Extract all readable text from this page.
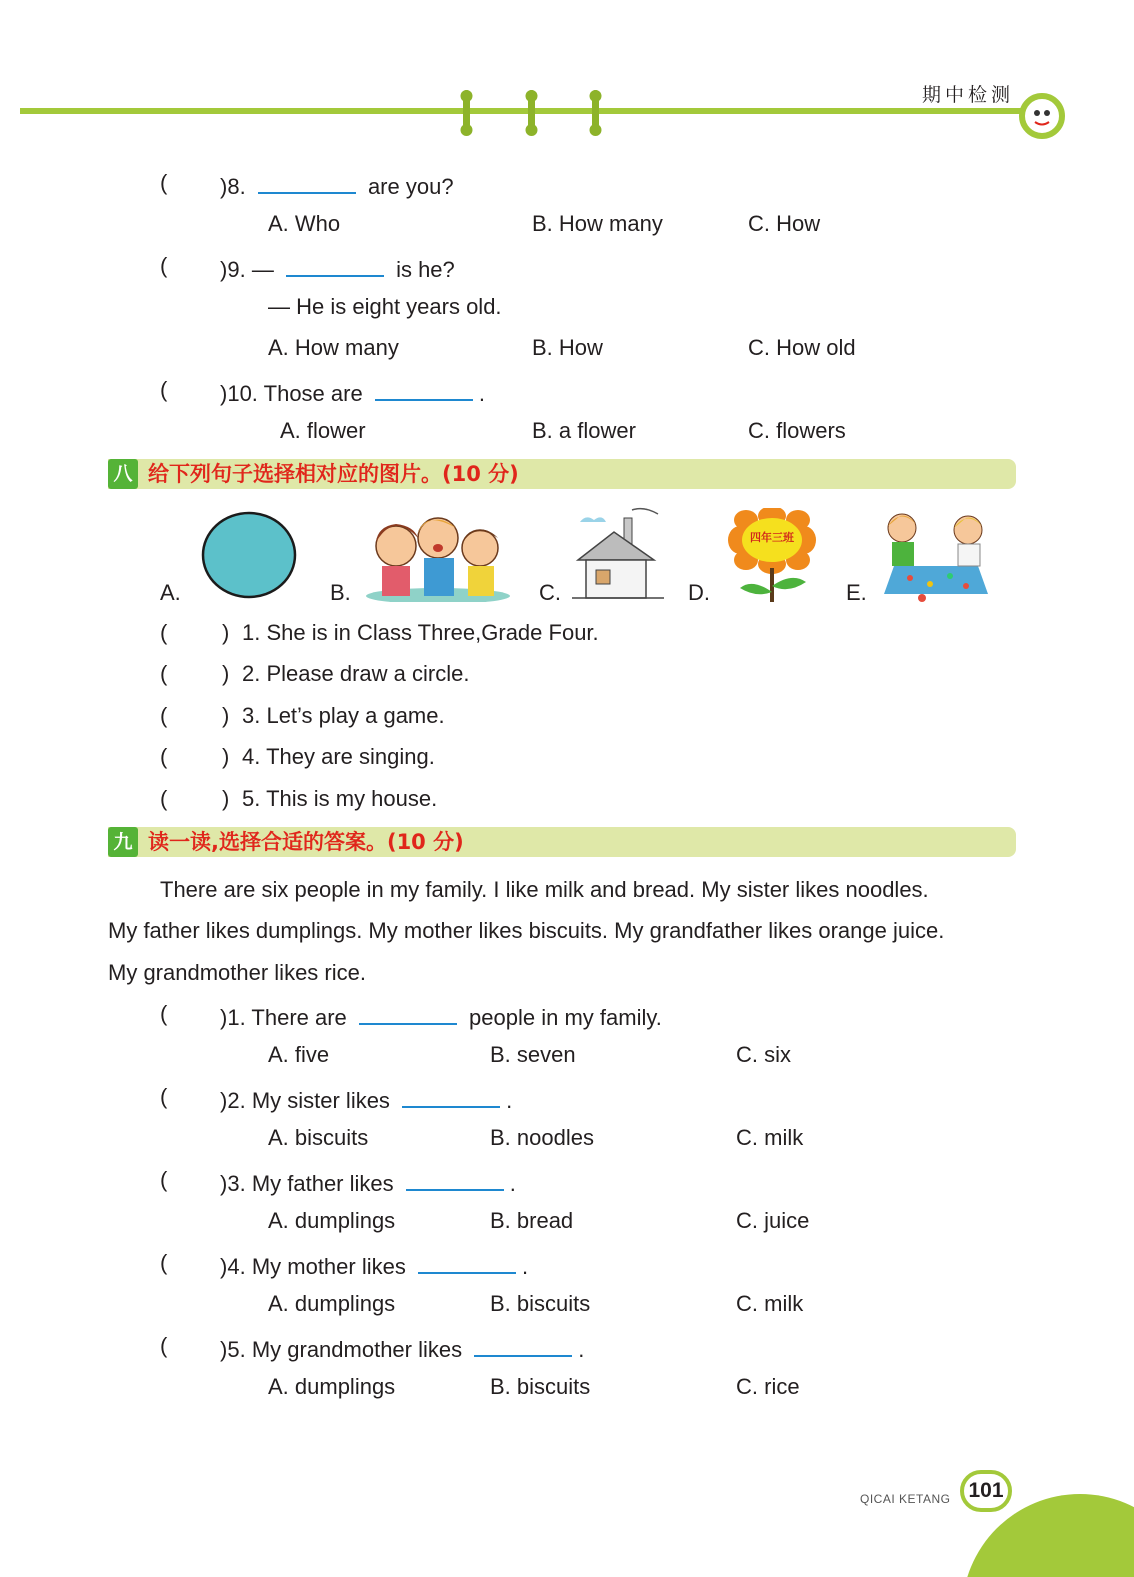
期中检测
( )8.	are you?
A. Who	B. How many	C. How
( )9. —	is he?
— He is eight years old.
A. How many	B. How	C. How old
( )10. Those are	.
A. flower	B. a flower	C. flowers
八 给下列句子选择相对应的图片。(10 分)
A.	B.	C.	D.
四年三班
E.
( ) 1. She is in Class Three,Grade Four.
( ) 2. Please draw a circle.
( ) 3. Let’s play a game.
( ) 4. They are singing.
( ) 5. This is my house.
九 读一读,选择合适的答案。(10 分)
There are six people in my family. I like milk and bread. My sister likes noodles.
My father likes dumplings. My mother likes biscuits. My grandfather likes orange juice.
My grandmother likes rice.
( )1. There are	people in my family.
A. five	B. seven	C. six
( )2. My sister likes	.
A. biscuits	B. noodles	C. milk
( )3. My father likes	.
A. dumplings	B. bread	C. juice
( )4. My mother likes	.
A. dumplings	B. biscuits	C. milk
( )5. My grandmother likes	.
A. dumplings	B. biscuits	C. rice
QICAI KETANG 101
